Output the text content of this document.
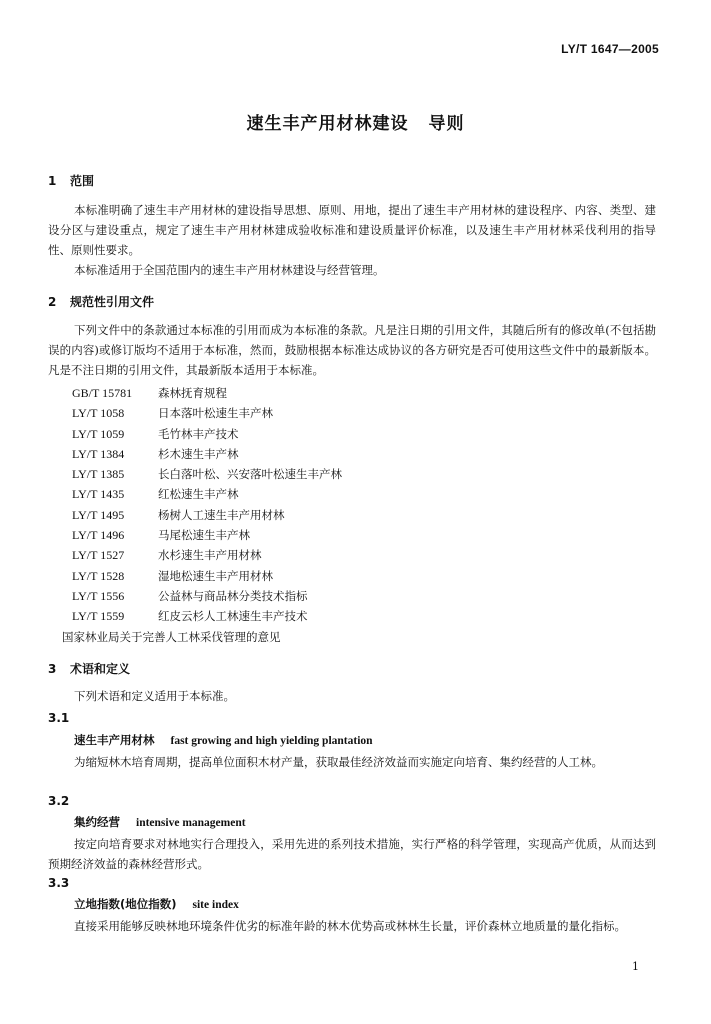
LY/T 1647—2005
速生丰产用材林建设 导则
1 范围

本标准明确了速生丰产用材林的建设指导思想、原则、用地，提出了速生丰产用材林的建设程序、内容、类型、建设分区与建设重点，规定了速生丰产用材林建成验收标准和建设质量评价标准，以及速生丰产用材林采伐利用的指导性、原则性要求。

本标准适用于全国范围内的速生丰产用材林建设与经营管理。

2 规范性引用文件

下列文件中的条款通过本标准的引用而成为本标准的条款。凡是注日期的引用文件，其随后所有的修改单(不包括勘误的内容)或修订版均不适用于本标准，然而，鼓励根据本标准达成协议的各方研究是否可使用这些文件中的最新版本。凡是不注日期的引用文件，其最新版本适用于本标准。

GB/T 15781 森林抚育规程
LY/T 1058	日本落叶松速生丰产林
LY/T 1059	毛竹林丰产技术
LY/T 1384	杉木速生丰产林
LY/T 1385	长白落叶松、兴安落叶松速生丰产林
LY/T 1435	红松速生丰产林
LY/T 1495	杨树人工速生丰产用材林
LY/T 1496	马尾松速生丰产林
LY/T 1527	水杉速生丰产用材林
LY/T 1528	湿地松速生丰产用材林
LY/T 1556	公益林与商品林分类技术指标
LY/T 1559	红皮云杉人工林速生丰产技术
国家林业局关于完善人工林采伐管理的意见
3 术语和定义

下列术语和定义适用于本标准。

3.1
速生丰产用材林 fast growing and high yielding plantation

为缩短林木培育周期，提高单位面积木材产量，获取最佳经济效益而实施定向培育、集约经营的人工林。

3.2
集约经营 intensive management

按定向培育要求对林地实行合理投入，采用先进的系列技术措施，实行严格的科学管理，实现高产优质，从而达到预期经济效益的森林经营形式。

3.3
立地指数(地位指数) site index

直接采用能够反映林地环境条件优劣的标准年龄的林木优势高或林林生长量，评价森林立地质量的量化指标。

1
